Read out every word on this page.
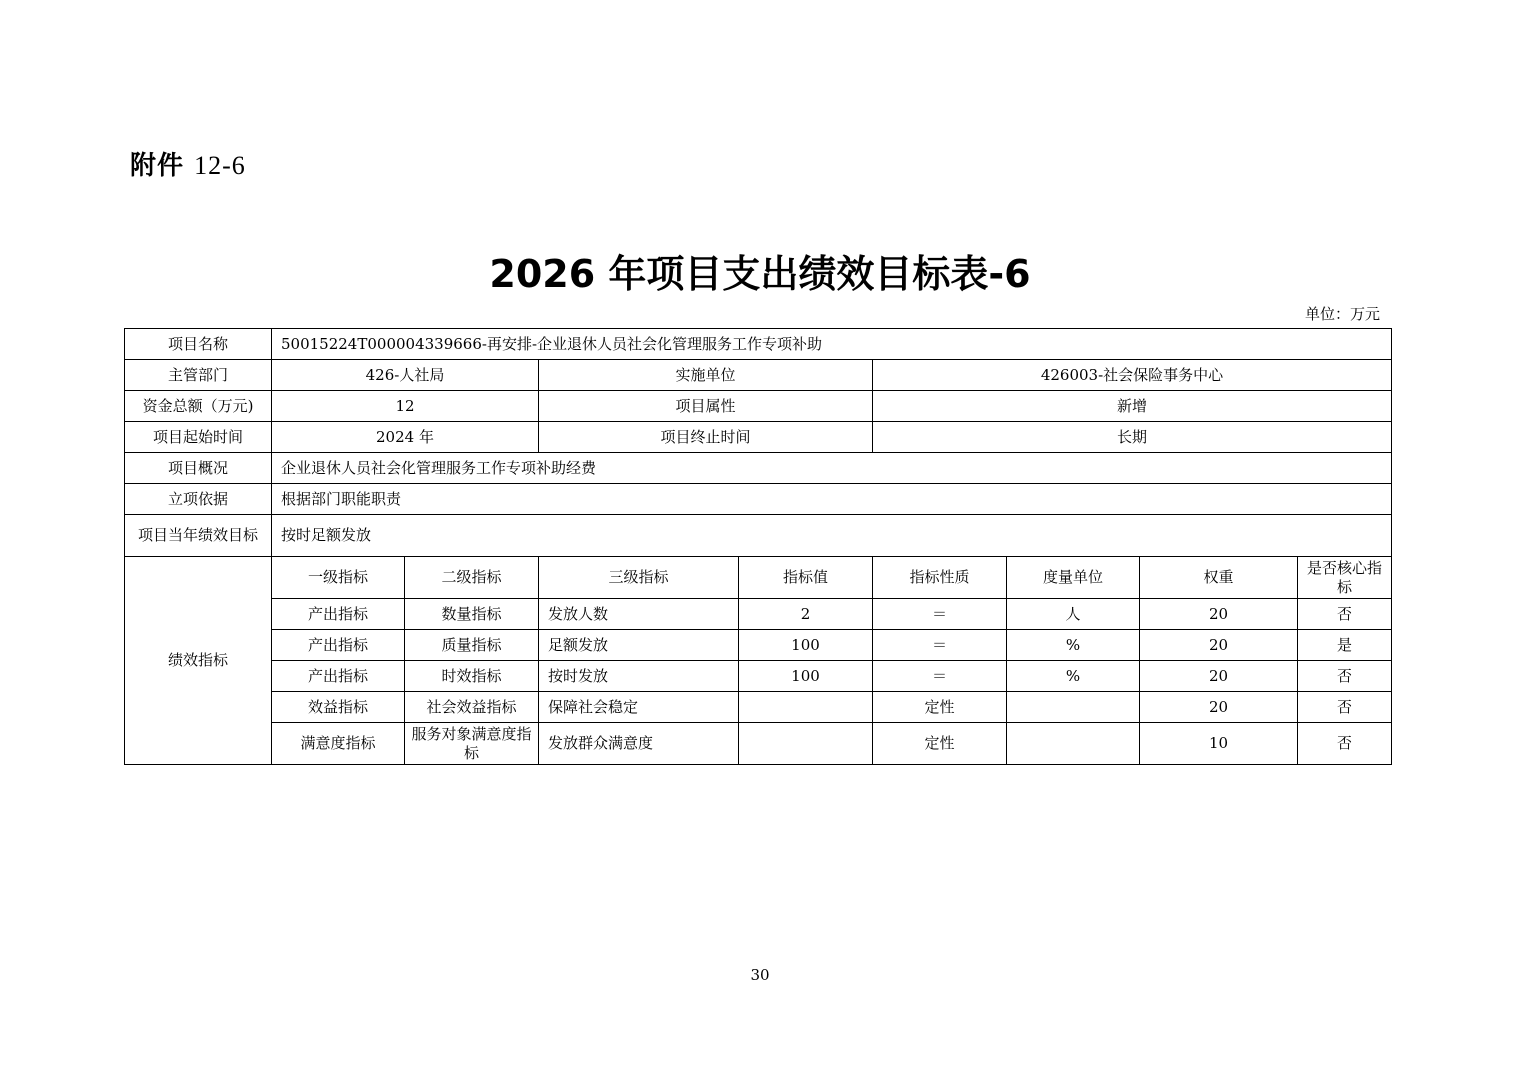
附件 12-6
2026 年项目支出绩效目标表-6
单位：万元
项目名称	50015224T000004339666-再安排-企业退休人员社会化管理服务工作专项补助							
主管部门	426-人社局		实施单位		426003-社会保险事务中心			
资金总额（万元)	12		项目属性		新增			
项目起始时间	2024 年		项目终止时间		长期			
项目概况	企业退休人员社会化管理服务工作专项补助经费							
立项依据	根据部门职能职责							
项目当年绩效目标	按时足额发放							
绩效指标	一级指标	二级指标	三级指标	指标值	指标性质	度量单位	权重	是否核心指标
	产出指标	数量指标	发放人数	2	＝	人	20	否
	产出指标	质量指标	足额发放	100	＝	%	20	是
	产出指标	时效指标	按时发放	100	＝	%	20	否
	效益指标	社会效益指标	保障社会稳定		定性		20	否
	满意度指标	服务对象满意度指标	发放群众满意度		定性		10	否
30
